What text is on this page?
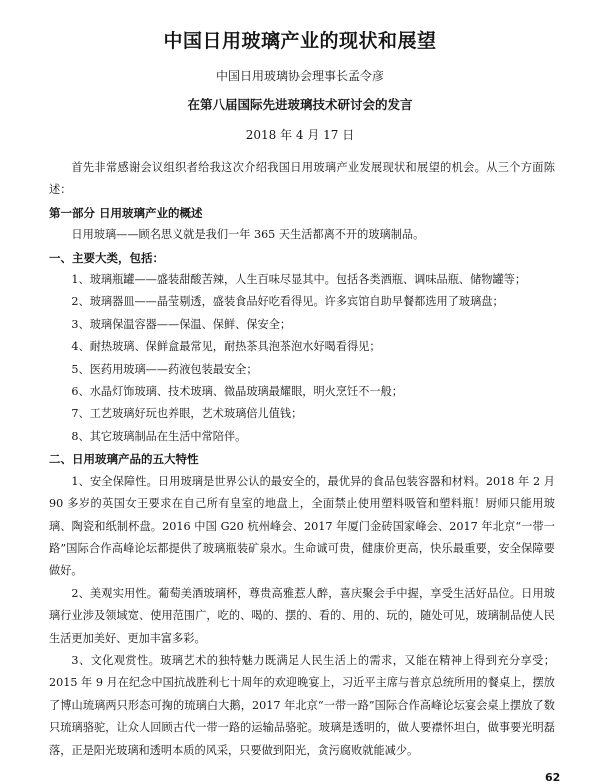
中国日用玻璃产业的现状和展望
中国日用玻璃协会理事长孟令彦
在第八届国际先进玻璃技术研讨会的发言
2018 年 4 月 17 日

首先非常感谢会议组织者给我这次介绍我国日用玻璃产业发展现状和展望的机会。从三个方面陈述：

第一部分 日用玻璃产业的概述

日用玻璃——顾名思义就是我们一年 365 天生活都离不开的玻璃制品。

一、主要大类，包括：

1、玻璃瓶罐——盛装甜酸苦辣，人生百味尽显其中。包括各类酒瓶、调味品瓶、储物罐等；

2、玻璃器皿——晶莹剔透，盛装食品好吃看得见。许多宾馆自助早餐都选用了玻璃盘；

3、玻璃保温容器——保温、保鲜、保安全；

4、耐热玻璃、保鲜盒最常见，耐热茶具泡茶泡水好喝看得见；

5、医药用玻璃——药液包装最安全；

6、水晶灯饰玻璃、技术玻璃、微晶玻璃最耀眼，明火烹饪不一般；

7、工艺玻璃好玩也养眼，艺术玻璃倍儿值钱；

8、其它玻璃制品在生活中常陪伴。

二、日用玻璃产品的五大特性

1、安全保障性。日用玻璃是世界公认的最安全的，最优异的食品包装容器和材料。2018 年 2 月 90 多岁的英国女王要求在自己所有皇室的地盘上，全面禁止使用塑料吸管和塑料瓶！厨师只能用玻璃、陶瓷和纸制杯盘。2016 中国 G20 杭州峰会、2017 年厦门金砖国家峰会、2017 年北京“一带一路”国际合作高峰论坛都提供了玻璃瓶装矿泉水。生命诚可贵，健康价更高，快乐最重要，安全保障要做好。

2、美观实用性。葡萄美酒玻璃杯，尊贵高雅惹人醉，喜庆聚会手中握，享受生活好品位。日用玻璃行业涉及领域宽、使用范围广，吃的、喝的、摆的、看的、用的、玩的，随处可见，玻璃制品使人民生活更加美好、更加丰富多彩。

3、文化观赏性。玻璃艺术的独特魅力既满足人民生活上的需求，又能在精神上得到充分享受；2015 年 9 月在纪念中国抗战胜利七十周年的欢迎晚宴上，习近平主席与普京总统所用的餐桌上，摆放了博山琉璃两只形态可掬的琉璃白大鹅，2017 年北京“一带一路”国际合作高峰论坛宴会桌上摆放了数只琉璃骆驼，让众人回顾古代一带一路的运输品骆驼。玻璃是透明的，做人要襟怀坦白，做事要光明磊落，正是阳光玻璃和透明本质的风采，只要做到阳光，贪污腐败就能减少。

62
